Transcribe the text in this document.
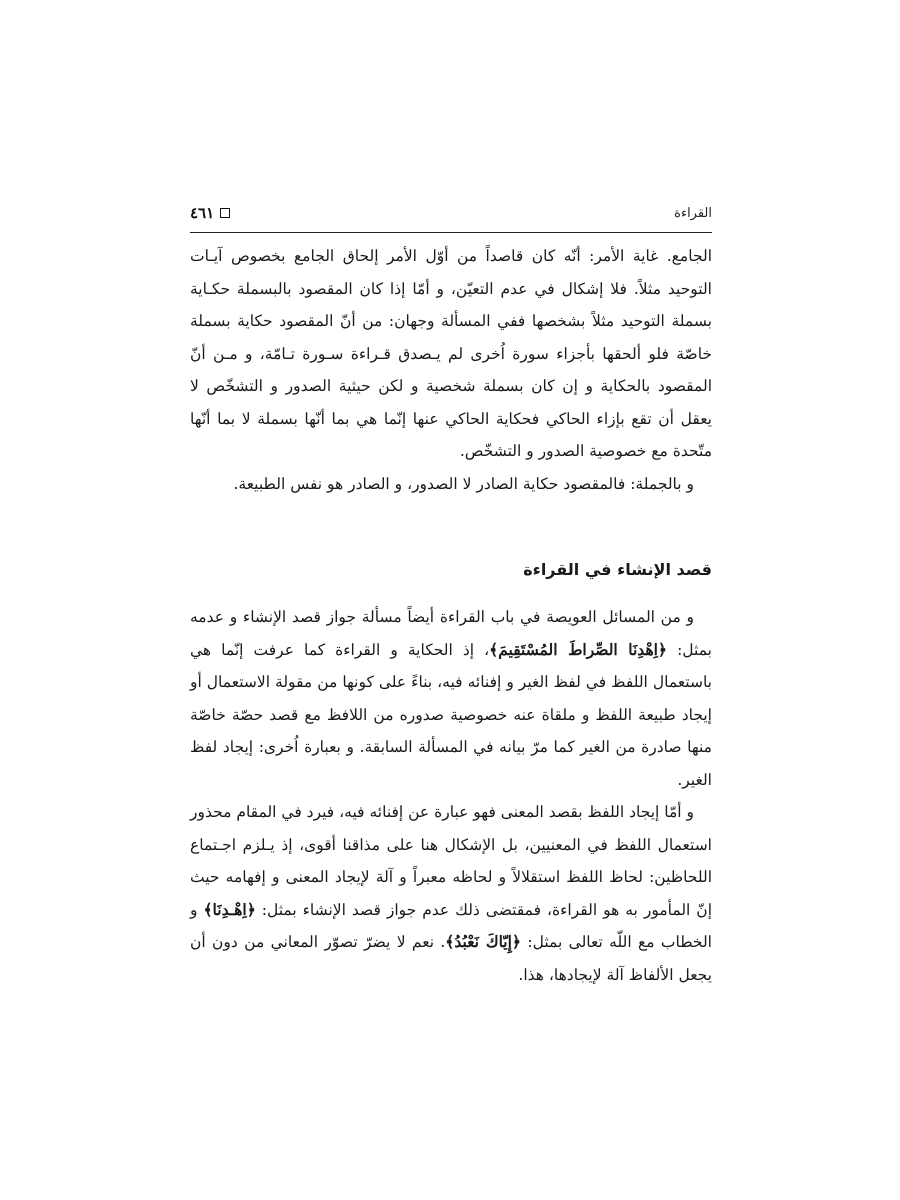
القراءة
٤٦١

الجامع. غاية الأمر: أنّه كان قاصداً من أوّل الأمر إلحاق الجامع بخصوص آيـات التوحيد مثلاً. فلا إشكال في عدم التعيّن، و أمّا إذا كان المقصود بالبسملة حكـاية بسملة التوحيد مثلاً بشخصها ففي المسألة وجهان: من أنّ المقصود حكاية بسملة خاصّة فلو ألحقها بأجزاء سورة اُخرى لم يـصدق قـراءة سـورة تـامّة، و مـن أنّ المقصود بالحكاية و إن كان بسملة شخصية و لكن حيثية الصدور و التشخّص لا يعقل أن تقع بإزاء الحاكي فحكاية الحاكي عنها إنّما هي بما أنّها بسملة لا بما أنّها متّحدة مع خصوصية الصدور و التشخّص.

و بالجملة: فالمقصود حكاية الصادر لا الصدور، و الصادر هو نفس الطبيعة.

قصد الإنشاء في القراءة

و من المسائل العويصة في باب القراءة أيضاً مسألة جواز قصد الإنشاء و عدمه بمثل: ﴿اِهْدِنَا الصِّراطَ المُسْتَقِيمَ﴾، إذ الحكاية و القراءة كما عرفت إنّما هي باستعمال اللفظ في لفظ الغير و إفنائه فيه، بناءً على كونها من مقولة الاستعمال أو إيجاد طبيعة اللفظ و ملقاة عنه خصوصية صدوره من اللافظ مع قصد حصّة خاصّة منها صادرة من الغير كما مرّ بيانه في المسألة السابقة. و بعبارة اُخرى: إيجاد لفظ الغير.

و أمّا إيجاد اللفظ بقصد المعنى فهو عبارة عن إفنائه فيه، فيرد في المقام محذور استعمال اللفظ في المعنيين، بل الإشكال هنا على مذاقنا أقوى، إذ يـلزم اجـتماع اللحاظين: لحاظ اللفظ استقلالاً و لحاظه معبراً و آلة لإيجاد المعنى و إفهامه حيث إنّ المأمور به هو القراءة، فمقتضى ذلك عدم جواز قصد الإنشاء بمثل: ﴿اِهْـدِنَا﴾ و الخطاب مع اللّه تعالى بمثل: ﴿إِيّاكَ نَعْبُدُ﴾. نعم لا يضرّ تصوّر المعاني من دون أن يجعل الألفاظ آلة لإيجادها، هذا.
